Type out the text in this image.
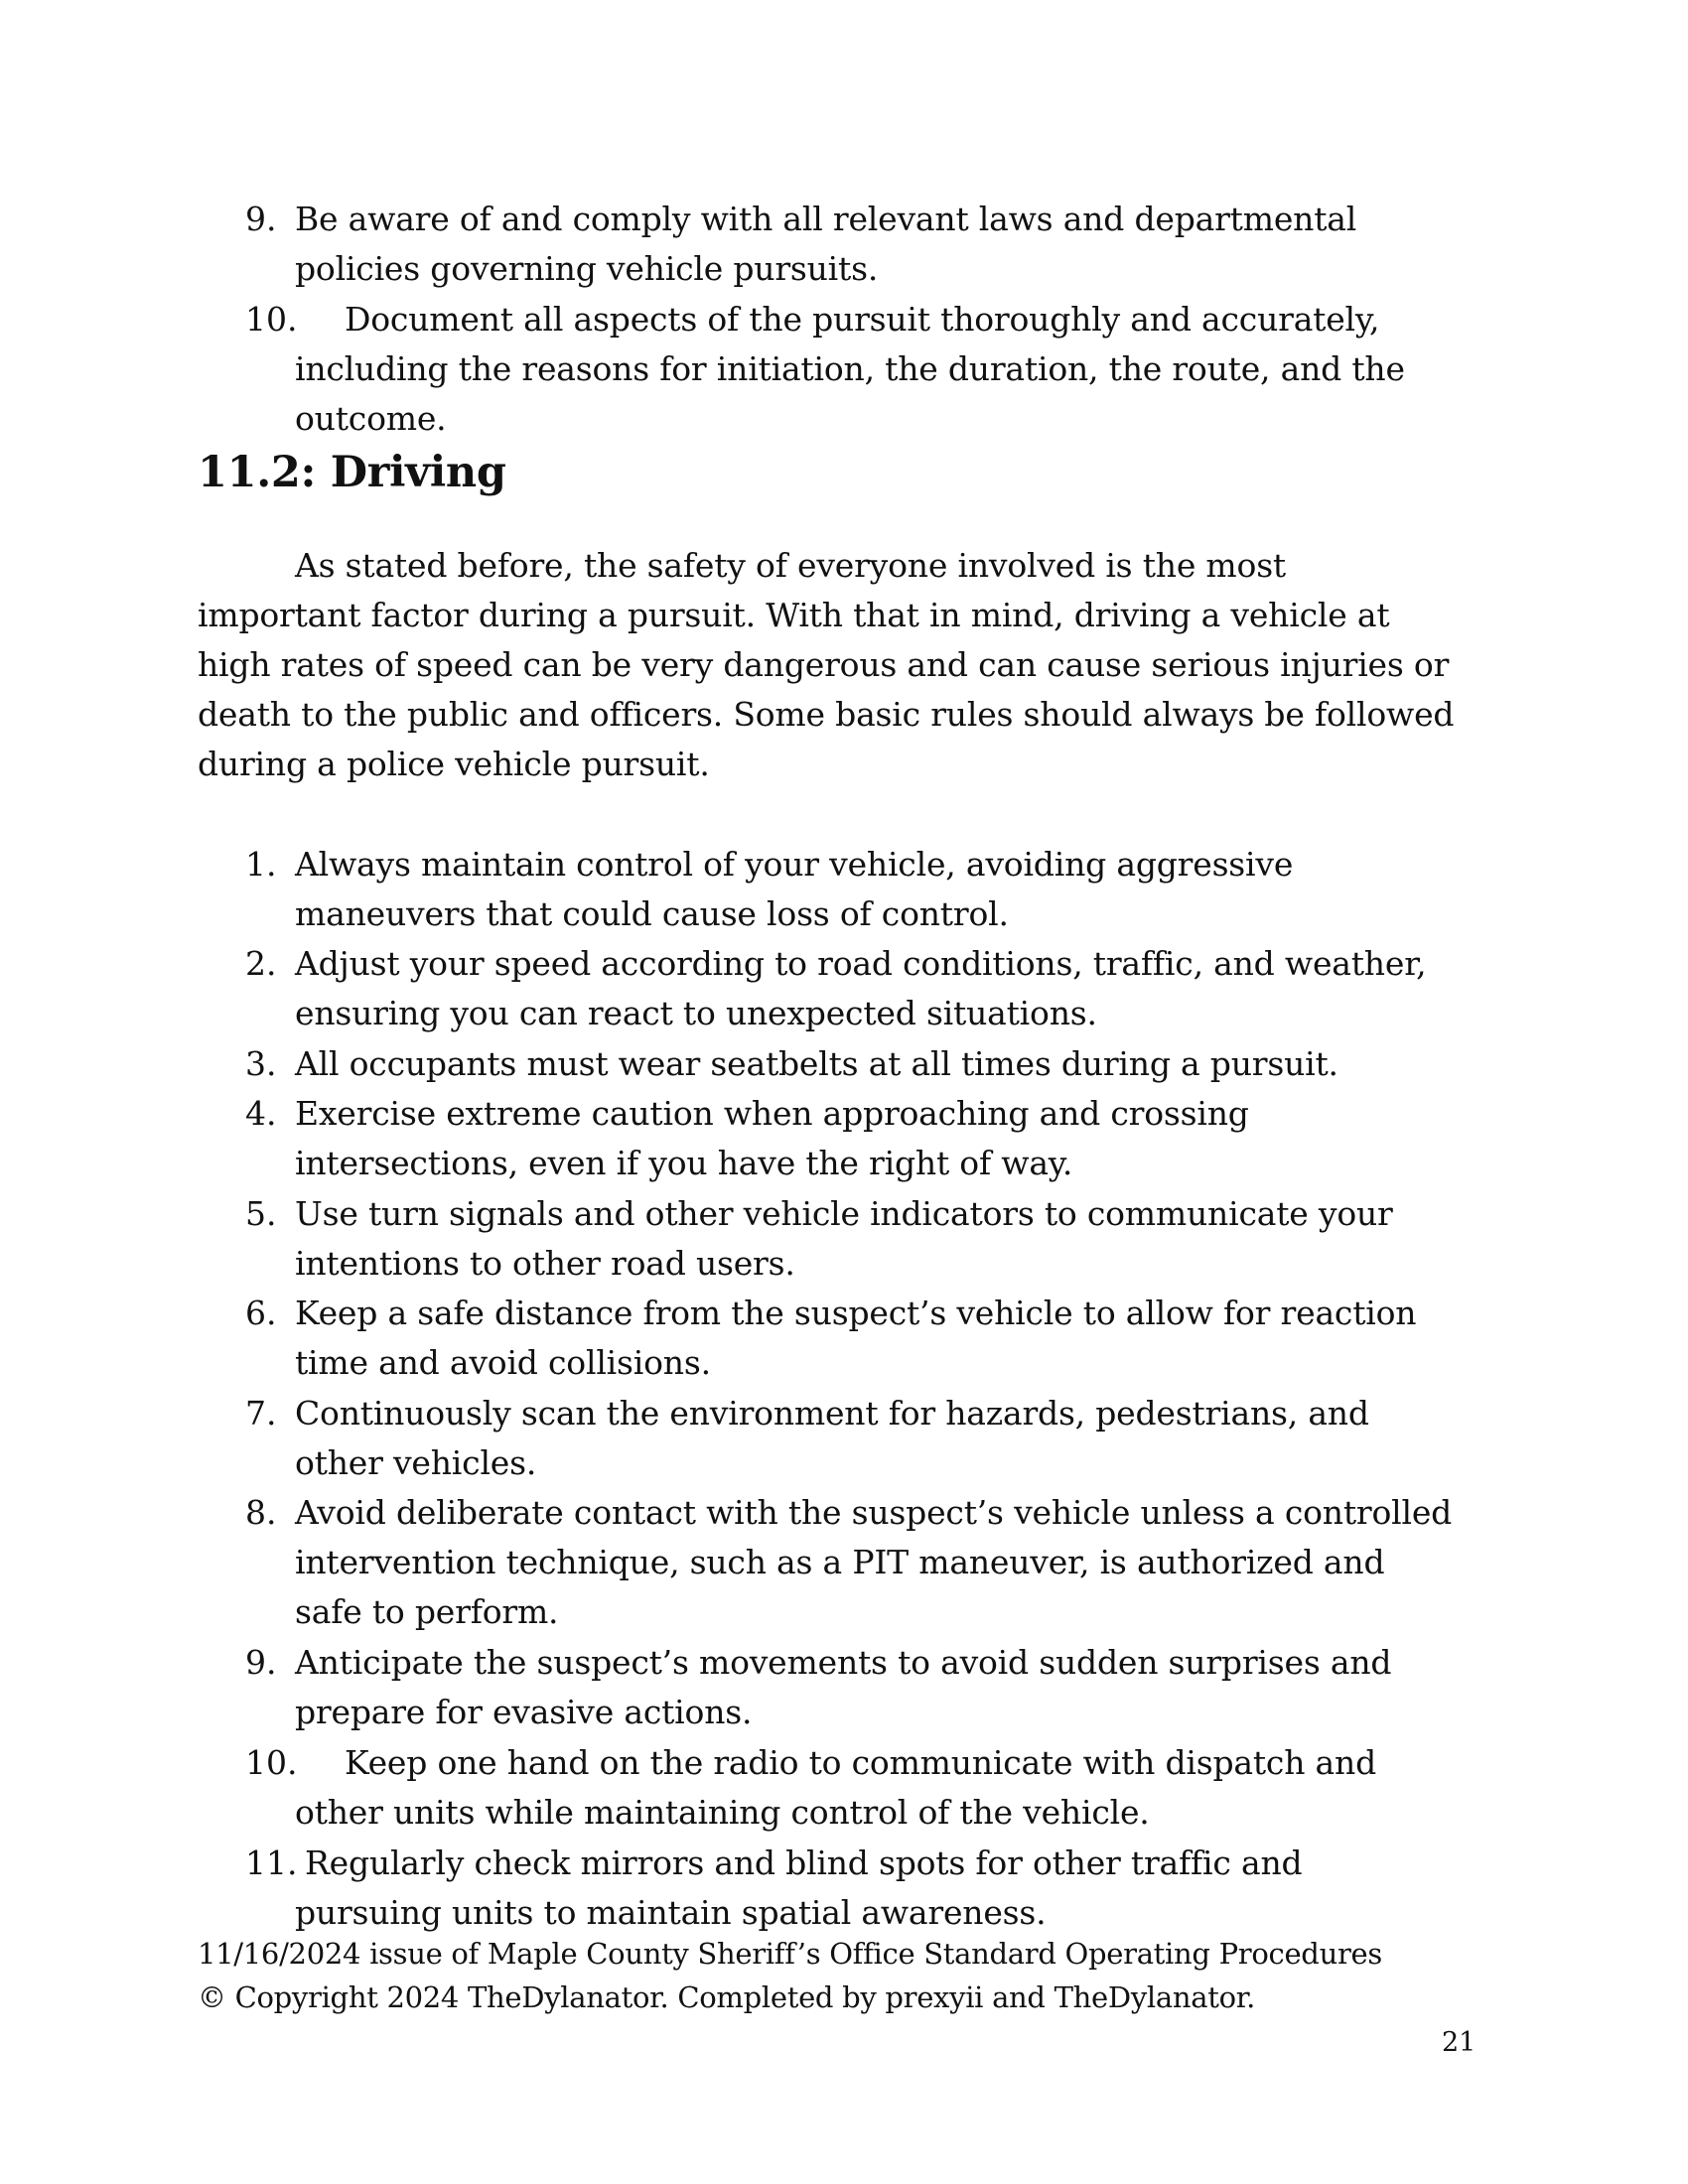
9. Be aware of and comply with all relevant laws and departmental
policies governing vehicle pursuits.
10. Document all aspects of the pursuit thoroughly and accurately,
including the reasons for initiation, the duration, the route, and the
outcome.
11.2: Driving
As stated before, the safety of everyone involved is the most
important factor during a pursuit. With that in mind, driving a vehicle at
high rates of speed can be very dangerous and can cause serious injuries or
death to the public and officers. Some basic rules should always be followed
during a police vehicle pursuit.
1. Always maintain control of your vehicle, avoiding aggressive
maneuvers that could cause loss of control.
2. Adjust your speed according to road conditions, traffic, and weather,
ensuring you can react to unexpected situations.
3. All occupants must wear seatbelts at all times during a pursuit.
4. Exercise extreme caution when approaching and crossing
intersections, even if you have the right of way.
5. Use turn signals and other vehicle indicators to communicate your
intentions to other road users.
6. Keep a safe distance from the suspect’s vehicle to allow for reaction
time and avoid collisions.
7. Continuously scan the environment for hazards, pedestrians, and
other vehicles.
8. Avoid deliberate contact with the suspect’s vehicle unless a controlled
intervention technique, such as a PIT maneuver, is authorized and
safe to perform.
9. Anticipate the suspect’s movements to avoid sudden surprises and
prepare for evasive actions.
10. Keep one hand on the radio to communicate with dispatch and
other units while maintaining control of the vehicle.
11. Regularly check mirrors and blind spots for other traffic and
pursuing units to maintain spatial awareness.
11/16/2024 issue of Maple County Sheriff’s Office Standard Operating Procedures
© Copyright 2024 TheDylanator. Completed by prexyii and TheDylanator.
21
